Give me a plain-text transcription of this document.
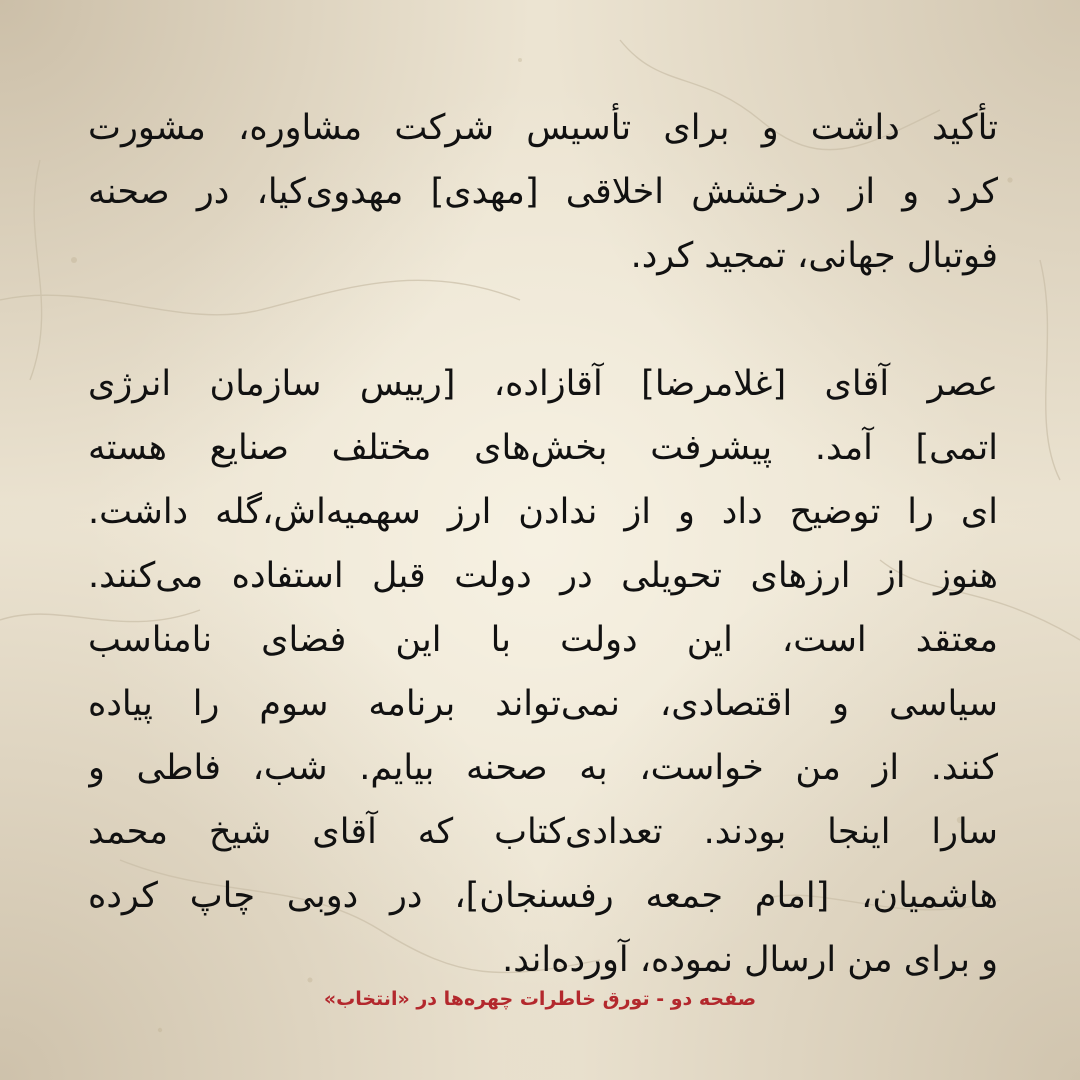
تأکید داشت و برای تأسیس شرکت مشاوره، مشورت
کرد و از درخشش اخلاقی [مهدی] مهدوی‌کیا، در صحنه
فوتبال جهانی، تمجید کرد.

عصر آقای [غلامرضا] آقازاده، [رییس سازمان انرژی
اتمی] آمد. پیشرفت بخش‌های مختلف صنایع هسته
ای را توضیح داد و از ندادن ارز سهمیه‌اش،گله داشت.
هنوز از ارزهای تحویلی در دولت قبل استفاده می‌کنند.
معتقد است، این دولت با این فضای نامناسب
سیاسی و اقتصادی، نمی‌تواند برنامه سوم را پیاده
کنند. از من خواست، به صحنه بیایم. شب، فاطی و
سارا اینجا بودند. تعدادی‌کتاب که آقای شیخ محمد
هاشمیان، [امام جمعه رفسنجان]، در دوبی چاپ کرده
و برای من ارسال نموده، آورده‌اند.

صفحه دو - تورق خاطرات چهره‌ها در «انتخاب»
